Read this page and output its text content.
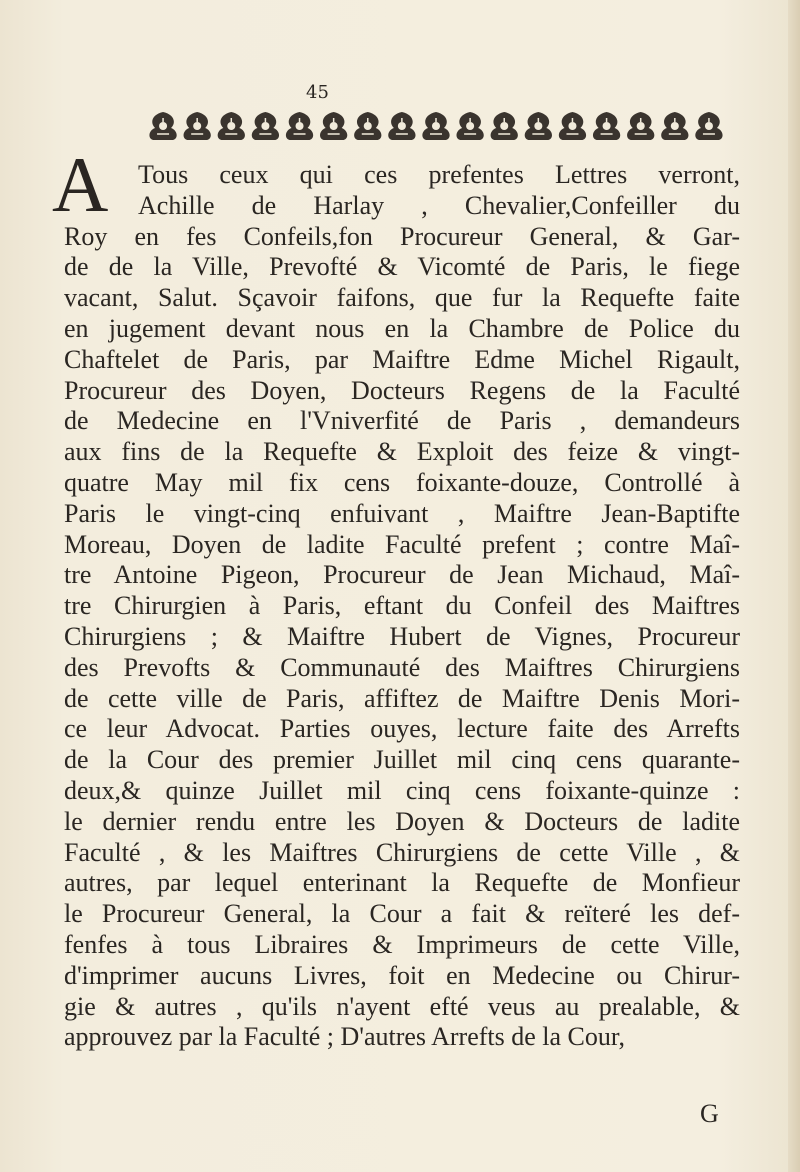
45
A Tous ceux qui ces prefentes Lettres verront,
Achille de Harlay , Chevalier,Confeiller du
Roy en fes Confeils,fon Procureur General, & Gar-
de de la Ville, Prevofté & Vicomté de Paris, le fiege
vacant, Salut. Sçavoir faifons, que fur la Requefte faite
en jugement devant nous en la Chambre de Police du
Chaftelet de Paris, par Maiftre Edme Michel Rigault,
Procureur des Doyen, Docteurs Regens de la Faculté
de Medecine en l'Vniverfité de Paris , demandeurs
aux fins de la Requefte & Exploit des feize & vingt-
quatre May mil fix cens foixante-douze, Controllé à
Paris le vingt-cinq enfuivant , Maiftre Jean-Baptifte
Moreau, Doyen de ladite Faculté prefent ; contre Maî-
tre Antoine Pigeon, Procureur de Jean Michaud, Maî-
tre Chirurgien à Paris, eftant du Confeil des Maiftres
Chirurgiens ; & Maiftre Hubert de Vignes, Procureur
des Prevofts & Communauté des Maiftres Chirurgiens
de cette ville de Paris, affiftez de Maiftre Denis Mori-
ce leur Advocat. Parties ouyes, lecture faite des Arrefts
de la Cour des premier Juillet mil cinq cens quarante-
deux,& quinze Juillet mil cinq cens foixante-quinze :
le dernier rendu entre les Doyen & Docteurs de ladite
Faculté , & les Maiftres Chirurgiens de cette Ville , &
autres, par lequel enterinant la Requefte de Monfieur
le Procureur General, la Cour a fait & reïteré les def-
fenfes à tous Libraires & Imprimeurs de cette Ville,
d'imprimer aucuns Livres, foit en Medecine ou Chirur-
gie & autres , qu'ils n'ayent efté veus au prealable, &
approuvez par la Faculté ; D'autres Arrefts de la Cour,
G
